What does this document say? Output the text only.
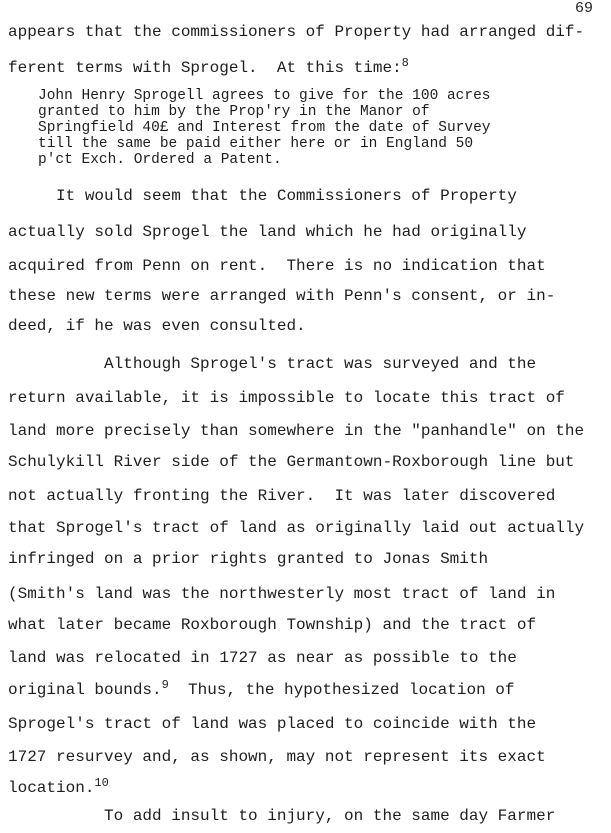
69
appears that the commissioners of Property had arranged dif-
ferent terms with Sprogel.  At this time:$^8$
John Henry Sprogell agrees to give for the 100 acres
granted to him by the Prop'ry in the Manor of
Springfield 40£ and Interest from the date of Survey
till the same be paid either here or in England 50
p'ct Exch. Ordered a Patent.
It would seem that the Commissioners of Property
actually sold Sprogel the land which he had originally
acquired from Penn on rent.  There is no indication that
these new terms were arranged with Penn's consent, or in-
deed, if he was even consulted.
Although Sprogel's tract was surveyed and the
return available, it is impossible to locate this tract of
land more precisely than somewhere in the "panhandle" on the
Schulykill River side of the Germantown-Roxborough line but
not actually fronting the River.  It was later discovered
that Sprogel's tract of land as originally laid out actually
infringed on a prior rights granted to Jonas Smith
(Smith's land was the northwesterly most tract of land in
what later became Roxborough Township) and the tract of
land was relocated in 1727 as near as possible to the
original bounds.$^9$  Thus, the hypothesized location of
Sprogel's tract of land was placed to coincide with the
1727 resurvey and, as shown, may not represent its exact
location.$^{10}$
To add insult to injury, on the same day Farmer
